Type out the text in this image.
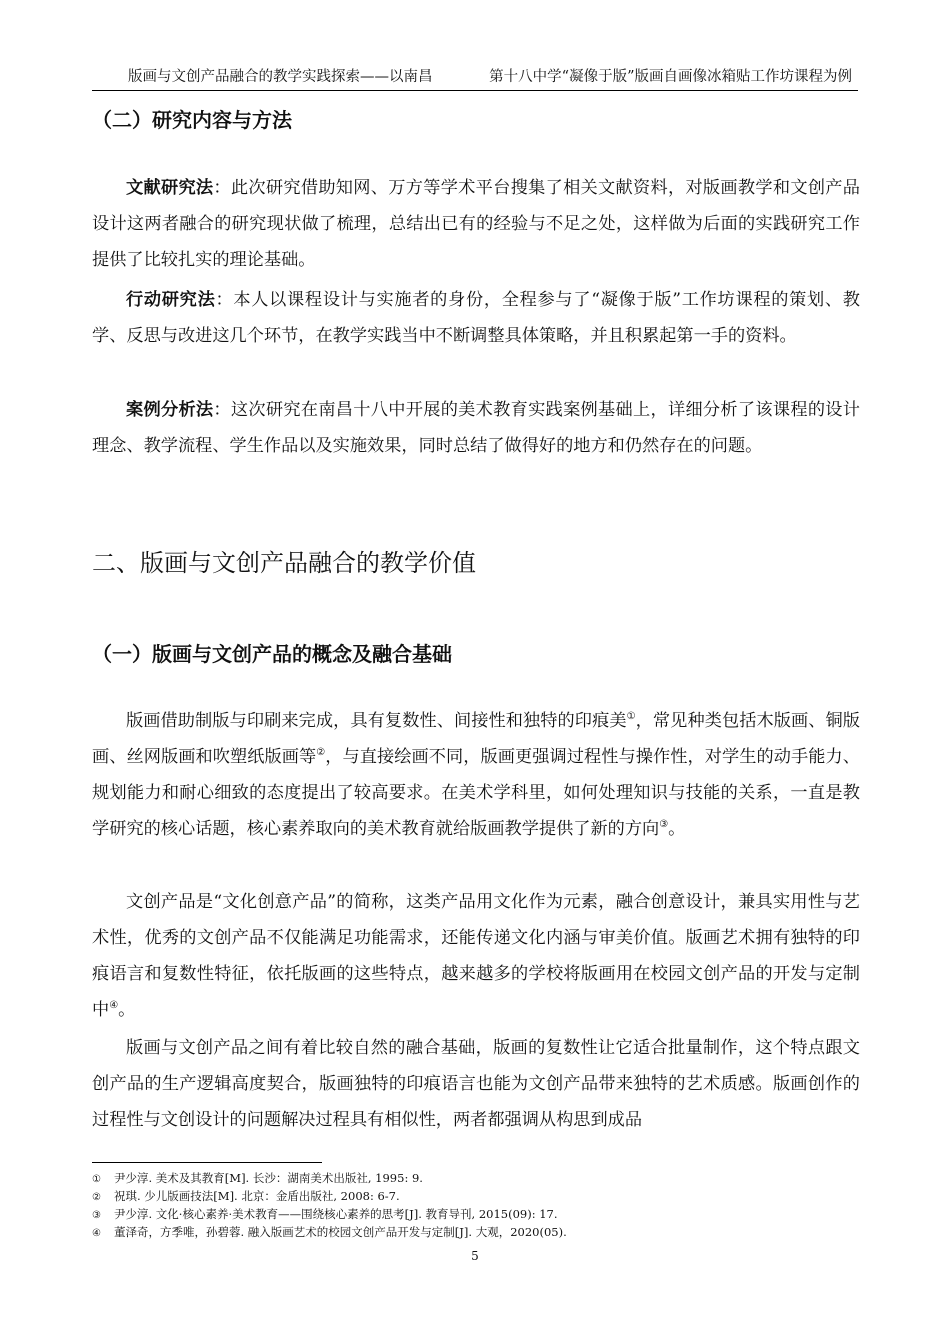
版画与文创产品融合的教学实践探索——以南昌	第十八中学“凝像于版”版画自画像冰箱贴工作坊课程为例
（二）研究内容与方法

文献研究法：此次研究借助知网、万方等学术平台搜集了相关文献资料，对版画教学和文创产品设计这两者融合的研究现状做了梳理，总结出已有的经验与不足之处，这样做为后面的实践研究工作提供了比较扎实的理论基础。

行动研究法：本人以课程设计与实施者的身份，全程参与了“凝像于版”工作坊课程的策划、教学、反思与改进这几个环节，在教学实践当中不断调整具体策略，并且积累起第一手的资料。

案例分析法：这次研究在南昌十八中开展的美术教育实践案例基础上，详细分析了该课程的设计理念、教学流程、学生作品以及实施效果，同时总结了做得好的地方和仍然存在的问题。

二、版画与文创产品融合的教学价值
（一）版画与文创产品的概念及融合基础

版画借助制版与印刷来完成，具有复数性、间接性和独特的印痕美①，常见种类包括木版画、铜版画、丝网版画和吹塑纸版画等②，与直接绘画不同，版画更强调过程性与操作性，对学生的动手能力、规划能力和耐心细致的态度提出了较高要求。在美术学科里，如何处理知识与技能的关系，一直是教学研究的核心话题，核心素养取向的美术教育就给版画教学提供了新的方向③。

文创产品是“文化创意产品”的简称，这类产品用文化作为元素，融合创意设计，兼具实用性与艺术性，优秀的文创产品不仅能满足功能需求，还能传递文化内涵与审美价值。版画艺术拥有独特的印痕语言和复数性特征，依托版画的这些特点，越来越多的学校将版画用在校园文创产品的开发与定制中④。

版画与文创产品之间有着比较自然的融合基础，版画的复数性让它适合批量制作，这个特点跟文创产品的生产逻辑高度契合，版画独特的印痕语言也能为文创产品带来独特的艺术质感。版画创作的过程性与文创设计的问题解决过程具有相似性，两者都强调从构思到成品

① 尹少淳. 美术及其教育[M]. 长沙：湖南美术出版社, 1995: 9.
② 祝琪. 少儿版画技法[M]. 北京：金盾出版社, 2008: 6-7.
③ 尹少淳. 文化·核心素养·美术教育——围绕核心素养的思考[J]. 教育导刊, 2015(09): 17.
④ 董泽奇，方季唯，孙碧蓉. 融入版画艺术的校园文创产品开发与定制[J]. 大观，2020(05).
5
